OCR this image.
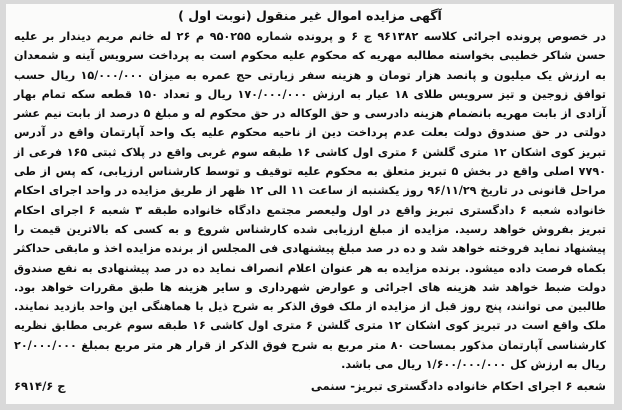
آگهی مزایده اموال غیر منقول (نوبت اول )

در خصوص پرونده اجرائی کلاسه ۹۶۱۳۸۲ ج ۶ و پرونده شماره ۹۵۰۲۵۵ م ۲۶ له خانم مریم دیندار بر علیه حسن شاکر خطیبی بخواسته مطالبه مهریه که محکوم علیه محکوم است به پرداخت سرویس آینه و شمعدان به ارزش یک میلیون و پانصد هزار تومان و هزینه سفر زیارتی حج عمره به میزان ۱۵/۰۰۰/۰۰۰ ریال حسب توافق زوجین و تیز سرویس طلای ۱۸ عیار به ارزش ۱۷۰/۰۰۰/۰۰۰ ریال و تعداد ۱۵۰ قطعه سکه تمام بهار آزادی از بابت مهریه بانضمام هزینه دادرسی و حق الوکاله در حق محکوم له و مبلغ ۵ درصد از بابت نیم عشر دولتی در حق صندوق دولت بعلت عدم پرداخت دین از ناحیه محکوم علیه یک واحد آپارتمان واقع در آدرس تبریز کوی اشکان ۱۲ متری گلشن ۶ متری اول کاشی ۱۶ طبقه سوم غربی واقع در پلاک ثبتی ۱۶۵ فرعی از ۷۷۹۰ اصلی واقع در بخش ۵ تبریز متعلق به محکوم علیه توقیف و توسط کارشناس ارزیابی، که پس از طی مراحل قانونی در تاریخ ۹۶/۱۱/۲۹ روز یکشنبه از ساعت ۱۱ الی ۱۲ ظهر از طریق مزایده در واحد اجرای احکام خانواده شعبه ۶ دادگستری تبریز واقع در اول ولیعصر مجتمع دادگاه خانواده طبقه ۳ شعبه ۶ اجرای احکام تبریز بفروش خواهد رسید. مزایده از مبلغ ارزیابی شده کارشناس شروع و به کسی که بالاترین قیمت را پیشنهاد نماید فروخته خواهد شد و ده در صد مبلغ پیشنهادی فی المجلس از برنده مزایده اخذ و مابقی حداکثر بکماه فرصت داده میشود. برنده مزایده به هر عنوان اعلام انصراف نماید ده در صد پیشنهادی به نفع صندوق دولت ضبط خواهد شد هزینه های اجرائی و عوارض شهرداری و سایر هزینه ها طبق مقررات خواهد بود. طالبین می توانند، پنج روز قبل از مزایده از ملک فوق الذکر به شرح ذیل با هماهنگی این واحد بازدید نمایند. ملک واقع است در تبریز کوی اشکان ۱۲ متری گلشن ۶ متری اول کاشی ۱۶ طبقه سوم غربی مطابق نظریه کارشناسی آپارتمان مذکور بمساحت ۸۰ متر مربع به شرح فوق الذکر از قرار هر متر مربع بمبلغ ۲۰/۰۰۰/۰۰۰ ریال به ارزش کل ۱/۶۰۰/۰۰۰/۰۰۰ ریال می باشد.

شعبه ۶ اجرای احکام خانواده دادگستری تبریز- سنمی
ج ۶۹۱۴/۶
